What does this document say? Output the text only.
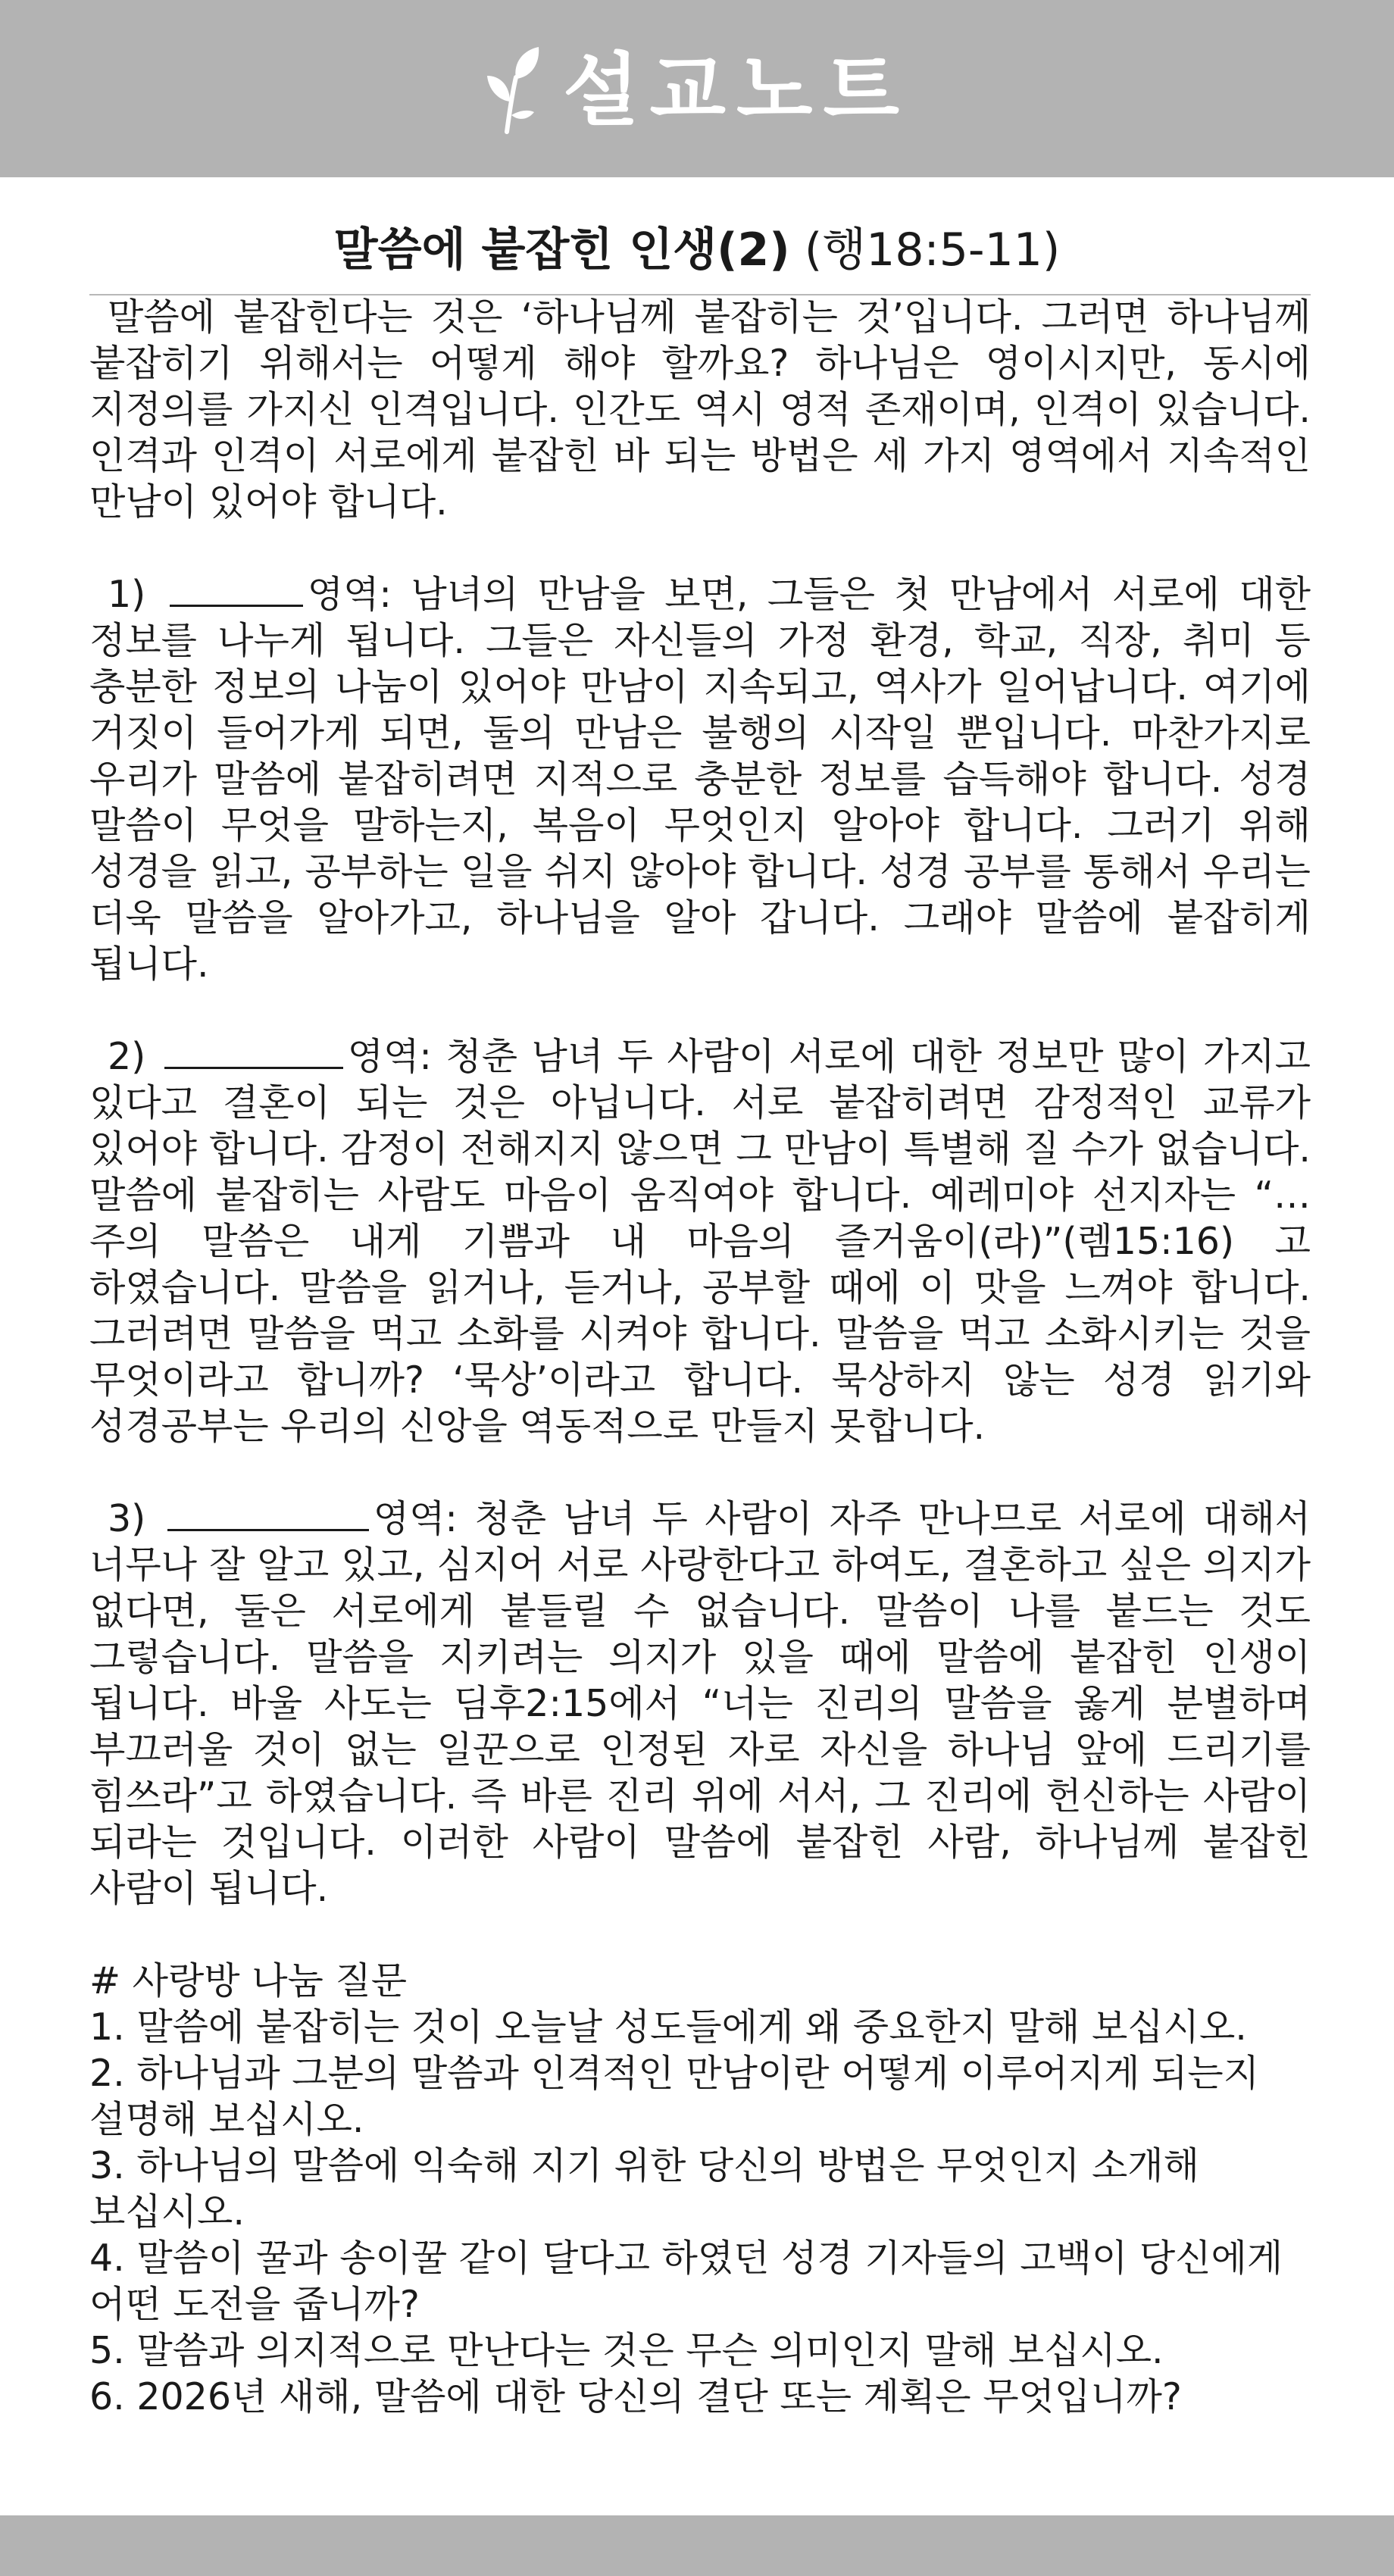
설교노트
말씀에 붙잡힌 인생(2) (행18:5-11)

말씀에 붙잡힌다는 것은 ‘하나님께 붙잡히는 것’입니다. 그러면 하나님께 붙잡히기 위해서는 어떻게 해야 할까요? 하나님은 영이시지만, 동시에 지정의를 가지신 인격입니다. 인간도 역시 영적 존재이며, 인격이 있습니다. 인격과 인격이 서로에게 붙잡힌 바 되는 방법은 세 가지 영역에서 지속적인 만남이 있어야 합니다.

1)	영역: 남녀의 만남을 보면, 그들은 첫 만남에서 서로에 대한 정보를 나누게 됩니다. 그들은 자신들의 가정 환경, 학교, 직장, 취미 등 충분한 정보의 나눔이 있어야 만남이 지속되고, 역사가 일어납니다. 여기에 거짓이 들어가게 되면, 둘의 만남은 불행의 시작일 뿐입니다. 마찬가지로 우리가 말씀에 붙잡히려면 지적으로 충분한 정보를 습득해야 합니다. 성경 말씀이 무엇을 말하는지, 복음이 무엇인지 알아야 합니다. 그러기 위해 성경을 읽고, 공부하는 일을 쉬지 않아야 합니다. 성경 공부를 통해서 우리는 더욱 말씀을 알아가고, 하나님을 알아 갑니다. 그래야 말씀에 붙잡히게 됩니다.

2)	영역: 청춘 남녀 두 사람이 서로에 대한 정보만 많이 가지고 있다고 결혼이 되는 것은 아닙니다. 서로 붙잡히려면 감정적인 교류가 있어야 합니다. 감정이 전해지지 않으면 그 만남이 특별해 질 수가 없습니다. 말씀에 붙잡히는 사람도 마음이 움직여야 합니다. 예레미야 선지자는 “… 주의 말씀은 내게 기쁨과 내 마음의 즐거움이(라)”(렘15:16) 고 하였습니다. 말씀을 읽거나, 듣거나, 공부할 때에 이 맛을 느껴야 합니다. 그러려면 말씀을 먹고 소화를 시켜야 합니다. 말씀을 먹고 소화시키는 것을 무엇이라고 합니까? ‘묵상’이라고 합니다. 묵상하지 않는 성경 읽기와 성경공부는 우리의 신앙을 역동적으로 만들지 못합니다.

3)	영역: 청춘 남녀 두 사람이 자주 만나므로 서로에 대해서 너무나 잘 알고 있고, 심지어 서로 사랑한다고 하여도, 결혼하고 싶은 의지가 없다면, 둘은 서로에게 붙들릴 수 없습니다. 말씀이 나를 붙드는 것도 그렇습니다. 말씀을 지키려는 의지가 있을 때에 말씀에 붙잡힌 인생이 됩니다. 바울 사도는 딤후2:15에서 “너는 진리의 말씀을 옳게 분별하며 부끄러울 것이 없는 일꾼으로 인정된 자로 자신을 하나님 앞에 드리기를 힘쓰라”고 하였습니다. 즉 바른 진리 위에 서서, 그 진리에 헌신하는 사람이 되라는 것입니다. 이러한 사람이 말씀에 붙잡힌 사람, 하나님께 붙잡힌 사람이 됩니다.

# 사랑방 나눔 질문

1. 말씀에 붙잡히는 것이 오늘날 성도들에게 왜 중요한지 말해 보십시오.

2. 하나님과 그분의 말씀과 인격적인 만남이란 어떻게 이루어지게 되는지 설명해 보십시오.

3. 하나님의 말씀에 익숙해 지기 위한 당신의 방법은 무엇인지 소개해 보십시오.

4. 말씀이 꿀과 송이꿀 같이 달다고 하였던 성경 기자들의 고백이 당신에게 어떤 도전을 줍니까?

5. 말씀과 의지적으로 만난다는 것은 무슨 의미인지 말해 보십시오.

6. 2026년 새해, 말씀에 대한 당신의 결단 또는 계획은 무엇입니까?
